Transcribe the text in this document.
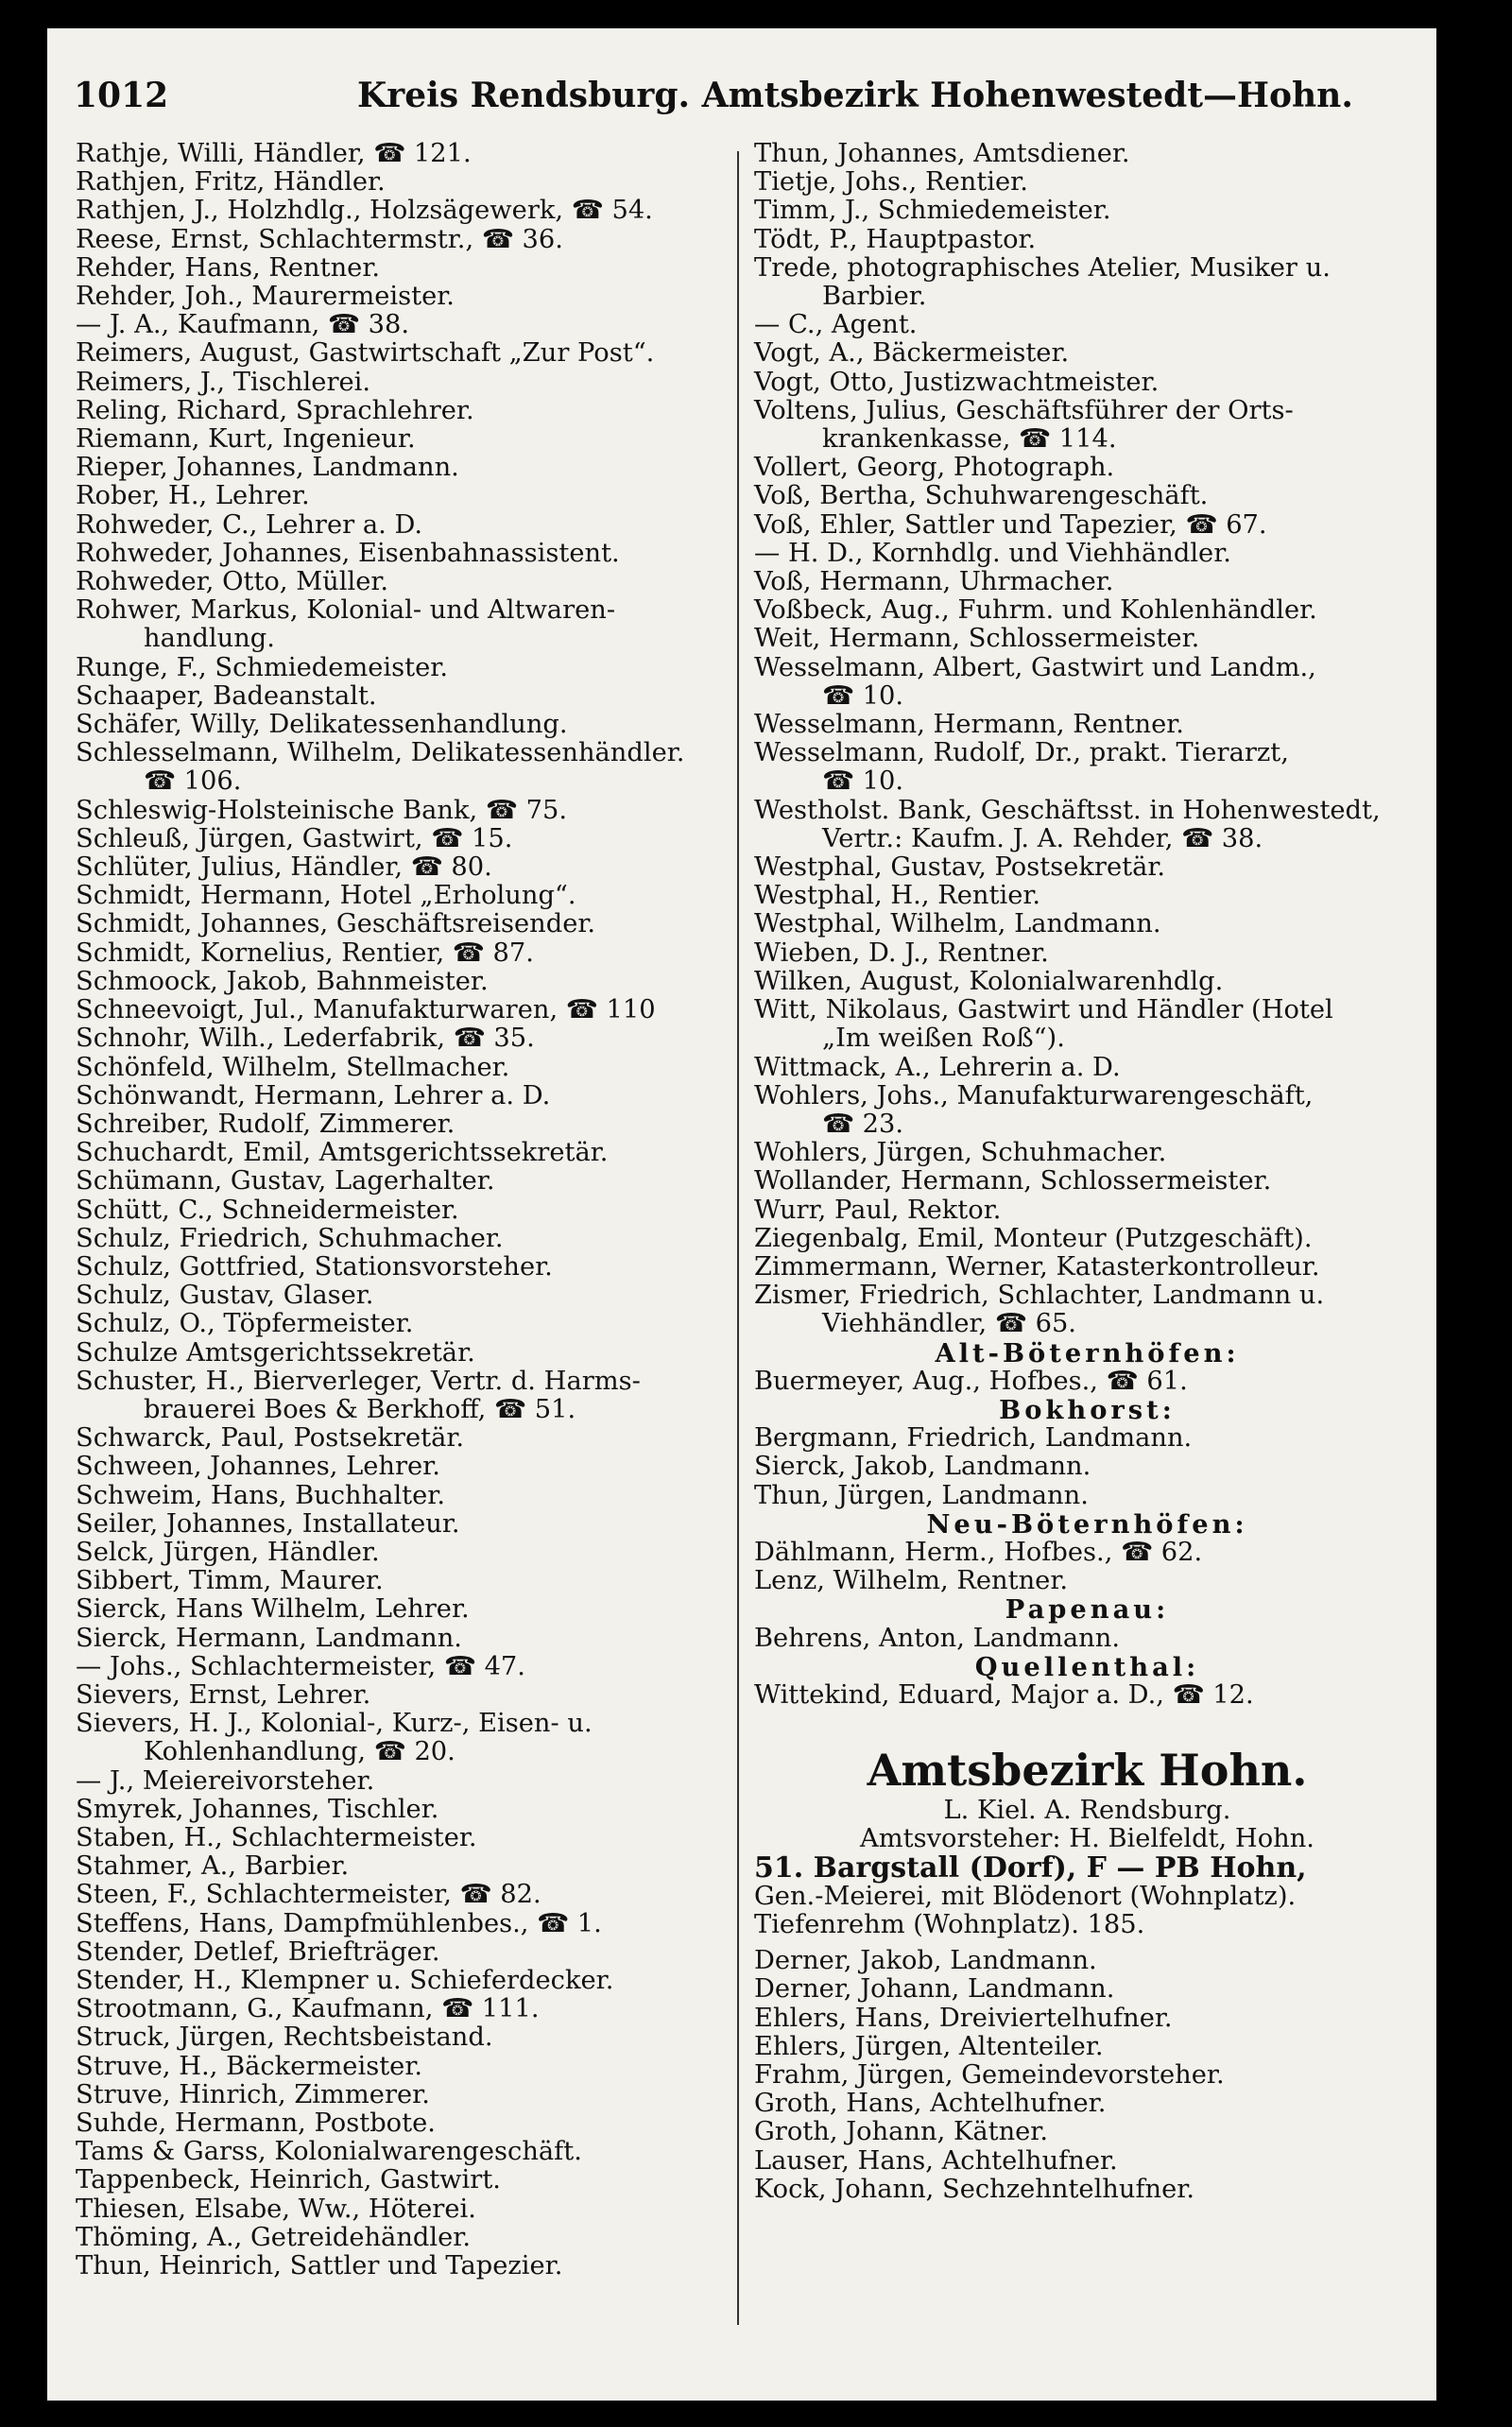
1012	Kreis Rendsburg. Amtsbezirk Hohenwestedt—Hohn.
Rathje, Willi, Händler, ☎ 121.
Rathjen, Fritz, Händler.
Rathjen, J., Holzhdlg., Holzsägewerk, ☎ 54.
Reese, Ernst, Schlachtermstr., ☎ 36.
Rehder, Hans, Rentner.
Rehder, Joh., Maurermeister.
— J. A., Kaufmann, ☎ 38.
Reimers, August, Gastwirtschaft „Zur Post“.
Reimers, J., Tischlerei.
Reling, Richard, Sprachlehrer.
Riemann, Kurt, Ingenieur.
Rieper, Johannes, Landmann.
Rober, H., Lehrer.
Rohweder, C., Lehrer a. D.
Rohweder, Johannes, Eisenbahnassistent.
Rohweder, Otto, Müller.
Rohwer, Markus, Kolonial- und Altwaren-
handlung.
Runge, F., Schmiedemeister.
Schaaper, Badeanstalt.
Schäfer, Willy, Delikatessenhandlung.
Schlesselmann, Wilhelm, Delikatessenhändler.
☎ 106.
Schleswig-Holsteinische Bank, ☎ 75.
Schleuß, Jürgen, Gastwirt, ☎ 15.
Schlüter, Julius, Händler, ☎ 80.
Schmidt, Hermann, Hotel „Erholung“.
Schmidt, Johannes, Geschäftsreisender.
Schmidt, Kornelius, Rentier, ☎ 87.
Schmoock, Jakob, Bahnmeister.
Schneevoigt, Jul., Manufakturwaren, ☎ 110
Schnohr, Wilh., Lederfabrik, ☎ 35.
Schönfeld, Wilhelm, Stellmacher.
Schönwandt, Hermann, Lehrer a. D.
Schreiber, Rudolf, Zimmerer.
Schuchardt, Emil, Amtsgerichtssekretär.
Schümann, Gustav, Lagerhalter.
Schütt, C., Schneidermeister.
Schulz, Friedrich, Schuhmacher.
Schulz, Gottfried, Stationsvorsteher.
Schulz, Gustav, Glaser.
Schulz, O., Töpfermeister.
Schulze Amtsgerichtssekretär.
Schuster, H., Bierverleger, Vertr. d. Harms-
brauerei Boes & Berkhoff, ☎ 51.
Schwarck, Paul, Postsekretär.
Schween, Johannes, Lehrer.
Schweim, Hans, Buchhalter.
Seiler, Johannes, Installateur.
Selck, Jürgen, Händler.
Sibbert, Timm, Maurer.
Sierck, Hans Wilhelm, Lehrer.
Sierck, Hermann, Landmann.
— Johs., Schlachtermeister, ☎ 47.
Sievers, Ernst, Lehrer.
Sievers, H. J., Kolonial-, Kurz-, Eisen- u.
Kohlenhandlung, ☎ 20.
— J., Meiereivorsteher.
Smyrek, Johannes, Tischler.
Staben, H., Schlachtermeister.
Stahmer, A., Barbier.
Steen, F., Schlachtermeister, ☎ 82.
Steffens, Hans, Dampfmühlenbes., ☎ 1.
Stender, Detlef, Briefträger.
Stender, H., Klempner u. Schieferdecker.
Strootmann, G., Kaufmann, ☎ 111.
Struck, Jürgen, Rechtsbeistand.
Struve, H., Bäckermeister.
Struve, Hinrich, Zimmerer.
Suhde, Hermann, Postbote.
Tams & Garss, Kolonialwarengeschäft.
Tappenbeck, Heinrich, Gastwirt.
Thiesen, Elsabe, Ww., Höterei.
Thöming, A., Getreidehändler.
Thun, Heinrich, Sattler und Tapezier.
Thun, Johannes, Amtsdiener.
Tietje, Johs., Rentier.
Timm, J., Schmiedemeister.
Tödt, P., Hauptpastor.
Trede, photographisches Atelier, Musiker u.
Barbier.
— C., Agent.
Vogt, A., Bäckermeister.
Vogt, Otto, Justizwachtmeister.
Voltens, Julius, Geschäftsführer der Orts-
krankenkasse, ☎ 114.
Vollert, Georg, Photograph.
Voß, Bertha, Schuhwarengeschäft.
Voß, Ehler, Sattler und Tapezier, ☎ 67.
— H. D., Kornhdlg. und Viehhändler.
Voß, Hermann, Uhrmacher.
Voßbeck, Aug., Fuhrm. und Kohlenhändler.
Weit, Hermann, Schlossermeister.
Wesselmann, Albert, Gastwirt und Landm.,
☎ 10.
Wesselmann, Hermann, Rentner.
Wesselmann, Rudolf, Dr., prakt. Tierarzt,
☎ 10.
Westholst. Bank, Geschäftsst. in Hohenwestedt,
Vertr.: Kaufm. J. A. Rehder, ☎ 38.
Westphal, Gustav, Postsekretär.
Westphal, H., Rentier.
Westphal, Wilhelm, Landmann.
Wieben, D. J., Rentner.
Wilken, August, Kolonialwarenhdlg.
Witt, Nikolaus, Gastwirt und Händler (Hotel
„Im weißen Roß“).
Wittmack, A., Lehrerin a. D.
Wohlers, Johs., Manufakturwarengeschäft,
☎ 23.
Wohlers, Jürgen, Schuhmacher.
Wollander, Hermann, Schlossermeister.
Wurr, Paul, Rektor.
Ziegenbalg, Emil, Monteur (Putzgeschäft).
Zimmermann, Werner, Katasterkontrolleur.
Zismer, Friedrich, Schlachter, Landmann u.
Viehhändler, ☎ 65.
Alt-Böternhöfen:
Buermeyer, Aug., Hofbes., ☎ 61.
Bokhorst:
Bergmann, Friedrich, Landmann.
Sierck, Jakob, Landmann.
Thun, Jürgen, Landmann.
Neu-Böternhöfen:
Dählmann, Herm., Hofbes., ☎ 62.
Lenz, Wilhelm, Rentner.
Papenau:
Behrens, Anton, Landmann.
Quellenthal:
Wittekind, Eduard, Major a. D., ☎ 12.
Amtsbezirk Hohn.
L. Kiel. A. Rendsburg.
Amtsvorsteher: H. Bielfeldt, Hohn.
51. Bargstall (Dorf), F — PB Hohn,
Gen.-Meierei, mit Blödenort (Wohnplatz).
Tiefenrehm (Wohnplatz). 185.
Derner, Jakob, Landmann.
Derner, Johann, Landmann.
Ehlers, Hans, Dreiviertelhufner.
Ehlers, Jürgen, Altenteiler.
Frahm, Jürgen, Gemeindevorsteher.
Groth, Hans, Achtelhufner.
Groth, Johann, Kätner.
Lauser, Hans, Achtelhufner.
Kock, Johann, Sechzehntelhufner.
